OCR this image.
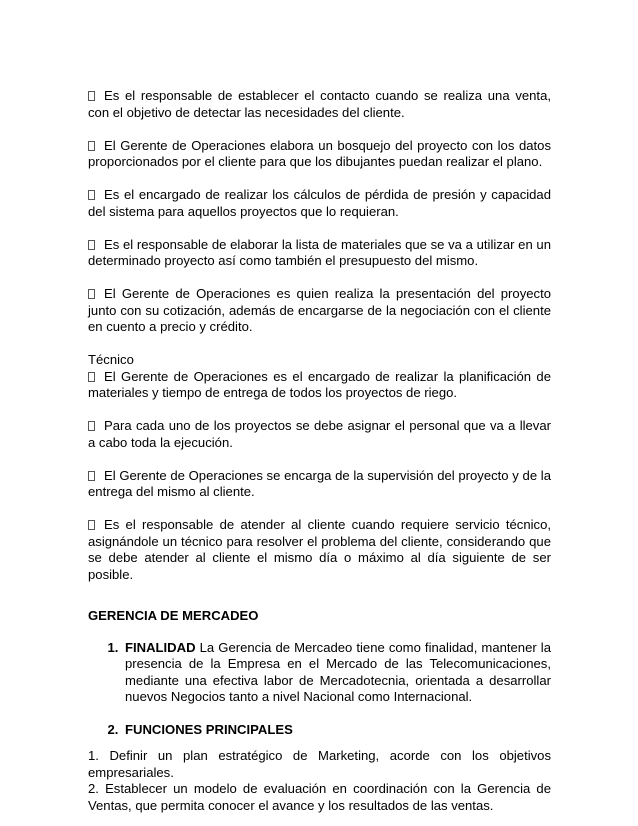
Es el responsable de establecer el contacto cuando se realiza una venta, con el objetivo de detectar las necesidades del cliente.

El Gerente de Operaciones elabora un bosquejo del proyecto con los datos proporcionados por el cliente para que los dibujantes puedan realizar el plano.

Es el encargado de realizar los cálculos de pérdida de presión y capacidad del sistema para aquellos proyectos que lo requieran.

Es el responsable de elaborar la lista de materiales que se va a utilizar en un determinado proyecto así como también el presupuesto del mismo.

El Gerente de Operaciones es quien realiza la presentación del proyecto junto con su cotización, además de encargarse de la negociación con el cliente en cuento a precio y crédito.

Técnico

El Gerente de Operaciones es el encargado de realizar la planificación de materiales y tiempo de entrega de todos los proyectos de riego.

Para cada uno de los proyectos se debe asignar el personal que va a llevar a cabo toda la ejecución.

El Gerente de Operaciones se encarga de la supervisión del proyecto y de la entrega del mismo al cliente.

Es el responsable de atender al cliente cuando requiere servicio técnico, asignándole un técnico para resolver el problema del cliente, considerando que se debe atender al cliente el mismo día o máximo al día siguiente de ser posible.

GERENCIA DE MERCADEO

1. FINALIDAD La Gerencia de Mercadeo tiene como finalidad, mantener la presencia de la Empresa en el Mercado de las Telecomunicaciones, mediante una efectiva labor de Mercadotecnia, orientada a desarrollar nuevos Negocios tanto a nivel Nacional como Internacional.
2. FUNCIONES PRINCIPALES

1. Definir un plan estratégico de Marketing, acorde con los objetivos empresariales.

2. Establecer un modelo de evaluación en coordinación con la Gerencia de Ventas, que permita conocer el avance y los resultados de las ventas.
